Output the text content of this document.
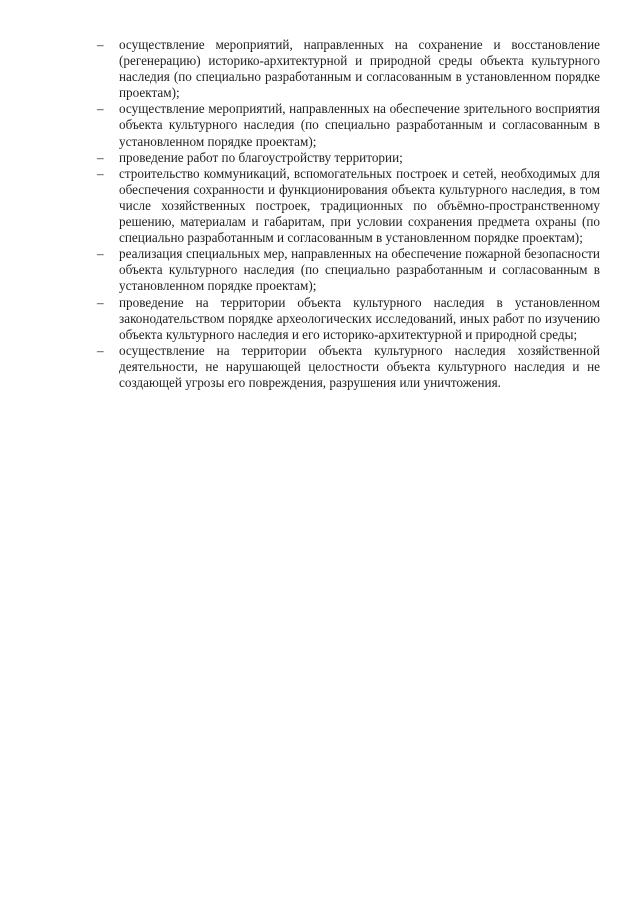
– осуществление мероприятий, направленных на сохранение и восстановление (регенерацию) историко-архитектурной и природной среды объекта культурного наследия (по специально разработанным и согласованным в установленном порядке проектам);
– осуществление мероприятий, направленных на обеспечение зрительного восприятия объекта культурного наследия (по специально разработанным и согласованным в установленном порядке проектам);
– проведение работ по благоустройству территории;
– строительство коммуникаций, вспомогательных построек и сетей, необходимых для обеспечения сохранности и функционирования объекта культурного наследия, в том числе хозяйственных построек, традиционных по объёмно-пространственному решению, материалам и габаритам, при условии сохранения предмета охраны (по специально разработанным и согласованным в установленном порядке проектам);
– реализация специальных мер, направленных на обеспечение пожарной безопасности объекта культурного наследия (по специально разработанным и согласованным в установленном порядке проектам);
– проведение на территории объекта культурного наследия в установленном законодательством порядке археологических исследований, иных работ по изучению объекта культурного наследия и его историко-архитектурной и природной среды;
– осуществление на территории объекта культурного наследия хозяйственной деятельности, не нарушающей целостности объекта культурного наследия и не создающей угрозы его повреждения, разрушения или уничтожения.
